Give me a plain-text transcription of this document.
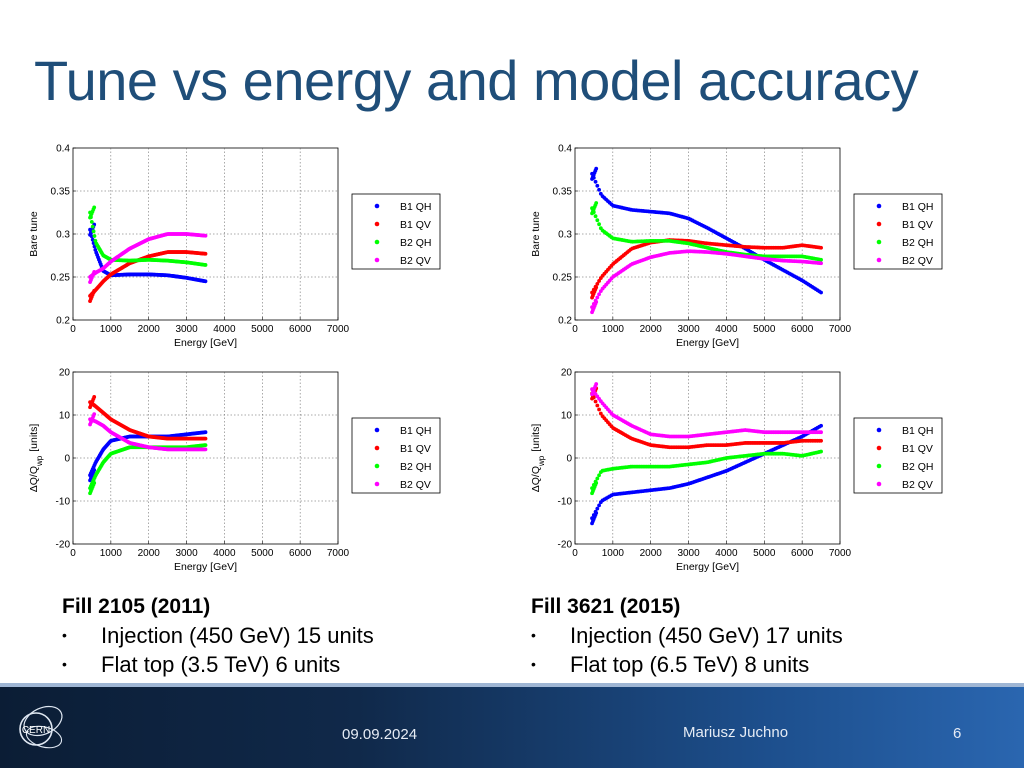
Tune vs energy and model accuracy
0 1000 2000 3000 4000 5000 6000 7000
0.2
0.25
0.3
0.35
0.4
Energy [GeV]
Bare tune
B1 QH
B1 QV
B2 QH
B2 QV
0 1000 2000 3000 4000 5000 6000 7000
0.2
0.25
0.3
0.35
0.4
Energy [GeV]
Bare tune
B1 QH
B1 QV
B2 QH
B2 QV
0 1000 2000 3000 4000 5000 6000 7000
-20
-10
0
10
20
Energy [GeV]
$\Delta Q/Q_{wp}[units]$	B1 QH
B1 QV
B2 QH
B2 QV
0 1000 2000 3000 4000 5000 6000 7000
-20
-10
0
10
20
Energy [GeV]
$\Delta Q/Q_{wp}[units]$	B1 QH
B1 QV
B2 QH
B2 QV
Fill 2105 (2011)
• Injection (450 GeV) 15 units
• Flat top (3.5 TeV) 6 units
Fill 3621 (2015)
• Injection (450 GeV) 17 units
• Flat top (6.5 TeV) 8 units
CERN	09.09.2024	Mariusz Juchno	6
